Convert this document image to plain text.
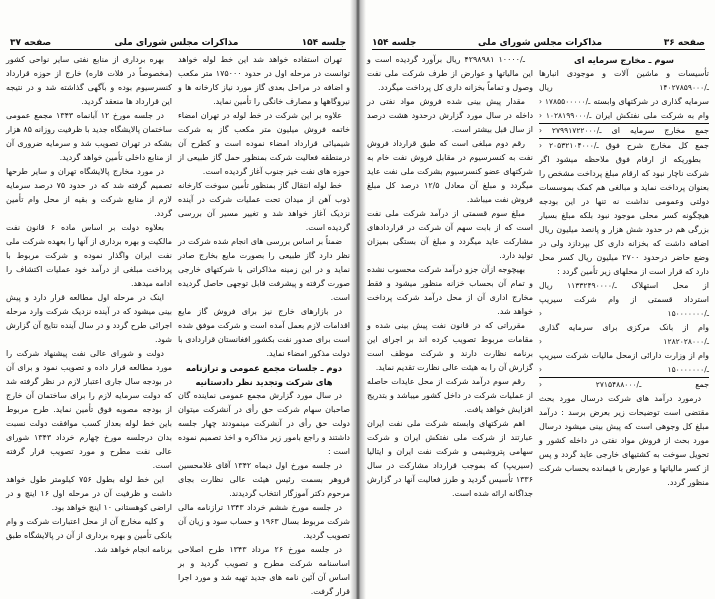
صفحه ۳۷	مذاکرات مجلس شورای ملی	جلسه ۱۵۴

تهران استفاده خواهد شد این خط لوله خواهد توانست در مرحله اول در حدود ۱۷۵۰۰۰ متر مکعب و اضافه در مراحل بعدی گاز مورد نیاز کارخانه ها و نیروگاهها و مصارف خانگی را تأمین نماید.

علاوه بر این شرکت در خط لوله در تهران امضاء خاتمه فروش میلیون متر مکعب گاز به شرکت شیمیائی قرارداد امضاء نموده است و کطرح آن درمنطقه فعالیت شرکت بمنظور حمل گاز طبیعی از حوزه های نفت خیز جنوب آغاز گردیده است.

خط لوله انتقال گاز بمنظور تأمین سوخت کارخانه ذوب آهن از میدان تحت عملیات شرکت در آینده نزدیک آغاز خواهد شد و تغییر مسیر آن بررسی گردیده است.

ضمناً بر اساس بررسی های انجام شده شرکت در نظر دارد گاز طبیعی را بصورت مایع بخارج صادر نماید و در این زمینه مذاکراتی با شرکتهای خارجی صورت گرفته و پیشرفت قابل توجهی حاصل گردیده است.

در بازارهای خارج نیز برای فروش گاز مایع اقدامات لازم بعمل آمده است و شرکت موفق شده است برای صدور نفت بکشور افغانستان قراردادی با دولت مذکور امضاء نماید.

دوم ـ جلسات مجمع عمومی و ترازنامه های شرکت وتجدید نظر دادستانیه

در سال مورد گزارش مجمع عمومی نماینده گان صاحبان سهام شرکت حق رأی در آنشرکت میتوان دولت حق رأی در آنشرکت مینمودند چهار جلسه داشتند و راجع بامور زیر مذاکره و اخذ تصمیم نموده است :

در جلسه مورخ اول دیماه ۱۳۴۲ آقای غلامحسین فروهر بسمت رئیس هیئت عالی نظارت بجای مرحوم دکتر آموزگار انتخاب گردیدند.

در جلسه مورخ ششم خرداد ۱۳۴۳ ترازنامه مالی شرکت مربوط بسال ۱۹۶۳ و حساب سود و زیان آن تصویب گردید.

در جلسه مورخ ۲۶ مرداد ۱۳۴۳ طرح اصلاحی اساسنامه شرکت مطرح و تصویب گردید و بر اساس آن آئین نامه های جدید تهیه شد و مورد اجرا قرار گرفت.

بهره برداری از منابع نفتی سایر نواحی کشور (مخصوصاً در فلات قاره) خارج از حوزه قرارداد کنسرسیوم بوده و بآگهی گذاشته شد و در نتیجه این قرارداد ها منعقد گردید.

در جلسه مورخ ۱۲ آبانماه ۱۳۴۳ مجمع عمومی ساختمان پالایشگاه جدید با ظرفیت روزانه ۸۵ هزار بشکه در تهران تصویب شد و سرمایه ضروری آن از منابع داخلی تأمین خواهد گردید.

در مورد مخارج پالایشگاه تهران و سایر طرحها تصمیم گرفته شد که در حدود ۷۵ درصد سرمایه لازم از منابع شرکت و بقیه از محل وام تأمین گردد.

بعلاوه دولت بر اساس ماده ۶ قانون نفت مالکیت و بهره برداری از آنها را بعهده شرکت ملی نفت ایران واگذار نموده و شرکت مربوط با پرداخت مبلغی از درآمد خود عملیات اکتشاف را ادامه میدهد.

اینک در مرحله اول مطالعه قرار دارد و پیش بینی میشود که در آینده نزدیک شرکت وارد مرحله اجرائی طرح گردد و در سال آینده نتایج آن گزارش شود.

دولت و شورای عالی نفت پیشنهاد شرکت را مورد مطالعه قرار داده و تصویب نمود و برای آن در بودجه سال جاری اعتبار لازم در نظر گرفته شد که دولت سرمایه لازم را برای ساختمان آن خارج از بودجه مصوبه فوق تأمین نماید. طرح مربوط باین خط لوله بعداز کسب موافقت دولت نسبت بدان درجلسه مورخ چهارم خرداد ۱۳۴۳ شورای عالی نفت مطرح و مورد تصویب قرار گرفته است.

این خط لوله بطول ۷۵۶ کیلومتر طول خواهد داشت و ظرفیت آن در مرحله اول ۱۶ اینچ و در اراضی کوهستانی ۱۰ اینچ خواهد بود.

و کلیه مخارج آن از محل اعتبارات شرکت و وام بانکی تأمین و بهره برداری از آن در پالایشگاه طبق برنامه انجام خواهد شد.

جلسه ۱۵۴	مذاکرات مجلس شورای ملی	صفحه ۳۶
سوم ـ مخارج سرمایه ای
تأسیسات و ماشین آلات و موجودی انبارها ـ/۱۴۰۲۷۸۵۹۰۰۰ ریال
سرمایه گذاری در شرکتهای وابسته ـ/۱۷۸۵۵۰۰۰۰۰ ‹
وام به شرکت ملی نفتکش ایران ـ/۱۰۲۸۱۹۹۰۰۰ ‹
جمع مخارج سرمایه ای ـ/۲۷۹۹۱۷۲۲۰۰۰ ‹
جمع کل مخارج شرح فوق ـ/۲۰۵۳۲۱۰۴۰۰۰ ‹

بطوریکه از ارقام فوق ملاحظه میشود اگر شرکت ناچار نبود که ارقام مبلغ پرداخت مشخص را بعنوان پرداخت نماید و مبالغی هم کمک بموسسات دولتی وعمومی نداشت نه تنها در این بودجه هیچگونه کسر محلی موجود نبود بلکه مبلغ بسیار بزرگی هم در حدود شش هزار و پانصد میلیون ریال اضافه داشت که بخزانه داری کل بپردازد ولی در وضع حاضر درحدود ۲۷۰۰ میلیون ریال کسر محل دارد که قرار است از محلهای زیر تأمین گردد :

از محل استهلاک ـ/۱۱۳۳۲۴۹۰۰۰۰ ریال
استرداد قسمتی از وام شرکت سیریپ ـ/۱۵۰۰۰۰۰۰۰ ‹
وام از بانک مرکزی برای سرمایه گذاری ـ/۱۲۸۲۰۲۸۰۰۰ ‹
وام از وزارت دارائی ازمحل مالیات شرکت سیریپ ـ/۱۵۰۰۰۰۰۰۰ ‹
جمع ـ/۲۷۱۵۴۸۸۰۰۰ ‹

درمورد درآمد های شرکت درسال مورد بحث مقتضی است توضیحات زیر بعرض برسد : درآمد مبلغ کل وجوهی است که پیش بینی میشود درسال مورد بحث از فروش مواد نفتی در داخله کشور و تحویل سوخت به کشتیهای خارجی عاید گردد و پس از کسر مالیاتها و عوارض با قیمانده بحساب شرکت منظور گردد.

ـ/۱۰۰۰۰ ۴۲۹۸۹۸۱ ریال برآورد گردیده است و این مالیاتها و عوارض از طرف شرکت ملی نفت وصول و تماماً بخزانه داری کل پرداخت میگردد.

مقدار پیش بینی شده فروش مواد نفتی در داخله در سال مورد گزارش درحدود هشت درصد از سال قبل بیشتر است.

رقم دوم مبلغی است که طبق قرارداد فروش نفت به کنسرسیوم در مقابل فروش نفت خام به شرکتهای عضو کنسرسیوم بشرکت ملی نفت عاید میگردد و مبلغ آن معادل ۱۲/۵ درصد کل مبلغ فروش نفت میباشد.

مبلغ سوم قسمتی از درآمد شرکت ملی نفت است که از بابت سهم آن شرکت در قراردادهای مشارکت عاید میگردد و مبلغ آن بستگی بمیزان تولید دارد.

بهیچوجه ازآن جزو درآمد شرکت محسوب نشده و تمام آن بحساب خزانه منظور میشود و فقط مخارج اداری آن از محل درآمد شرکت پرداخت خواهد شد.

مقرراتی که در قانون نفت پیش بینی شده و مقامات مربوط تصویب کرده اند بر اجرای این برنامه نظارت دارند و شرکت موظف است گزارش آن را به هیئت عالی نظارت تقدیم نماید.

رقم سوم درآمد شرکت از محل عایدات حاصله از عملیات شرکت در داخل کشور میباشد و بتدریج افزایش خواهد یافت.

اهم شرکتهای وابسته شرکت ملی نفت ایران عبارتند از شرکت ملی نفتکش ایران و شرکت سهامی پتروشیمی و شرکت نفت ایران و ایتالیا (سیریپ) که بموجب قرارداد مشارکت در سال ۱۳۳۶ تأسیس گردید و طرز فعالیت آنها در گزارش جداگانه ارائه شده است.
